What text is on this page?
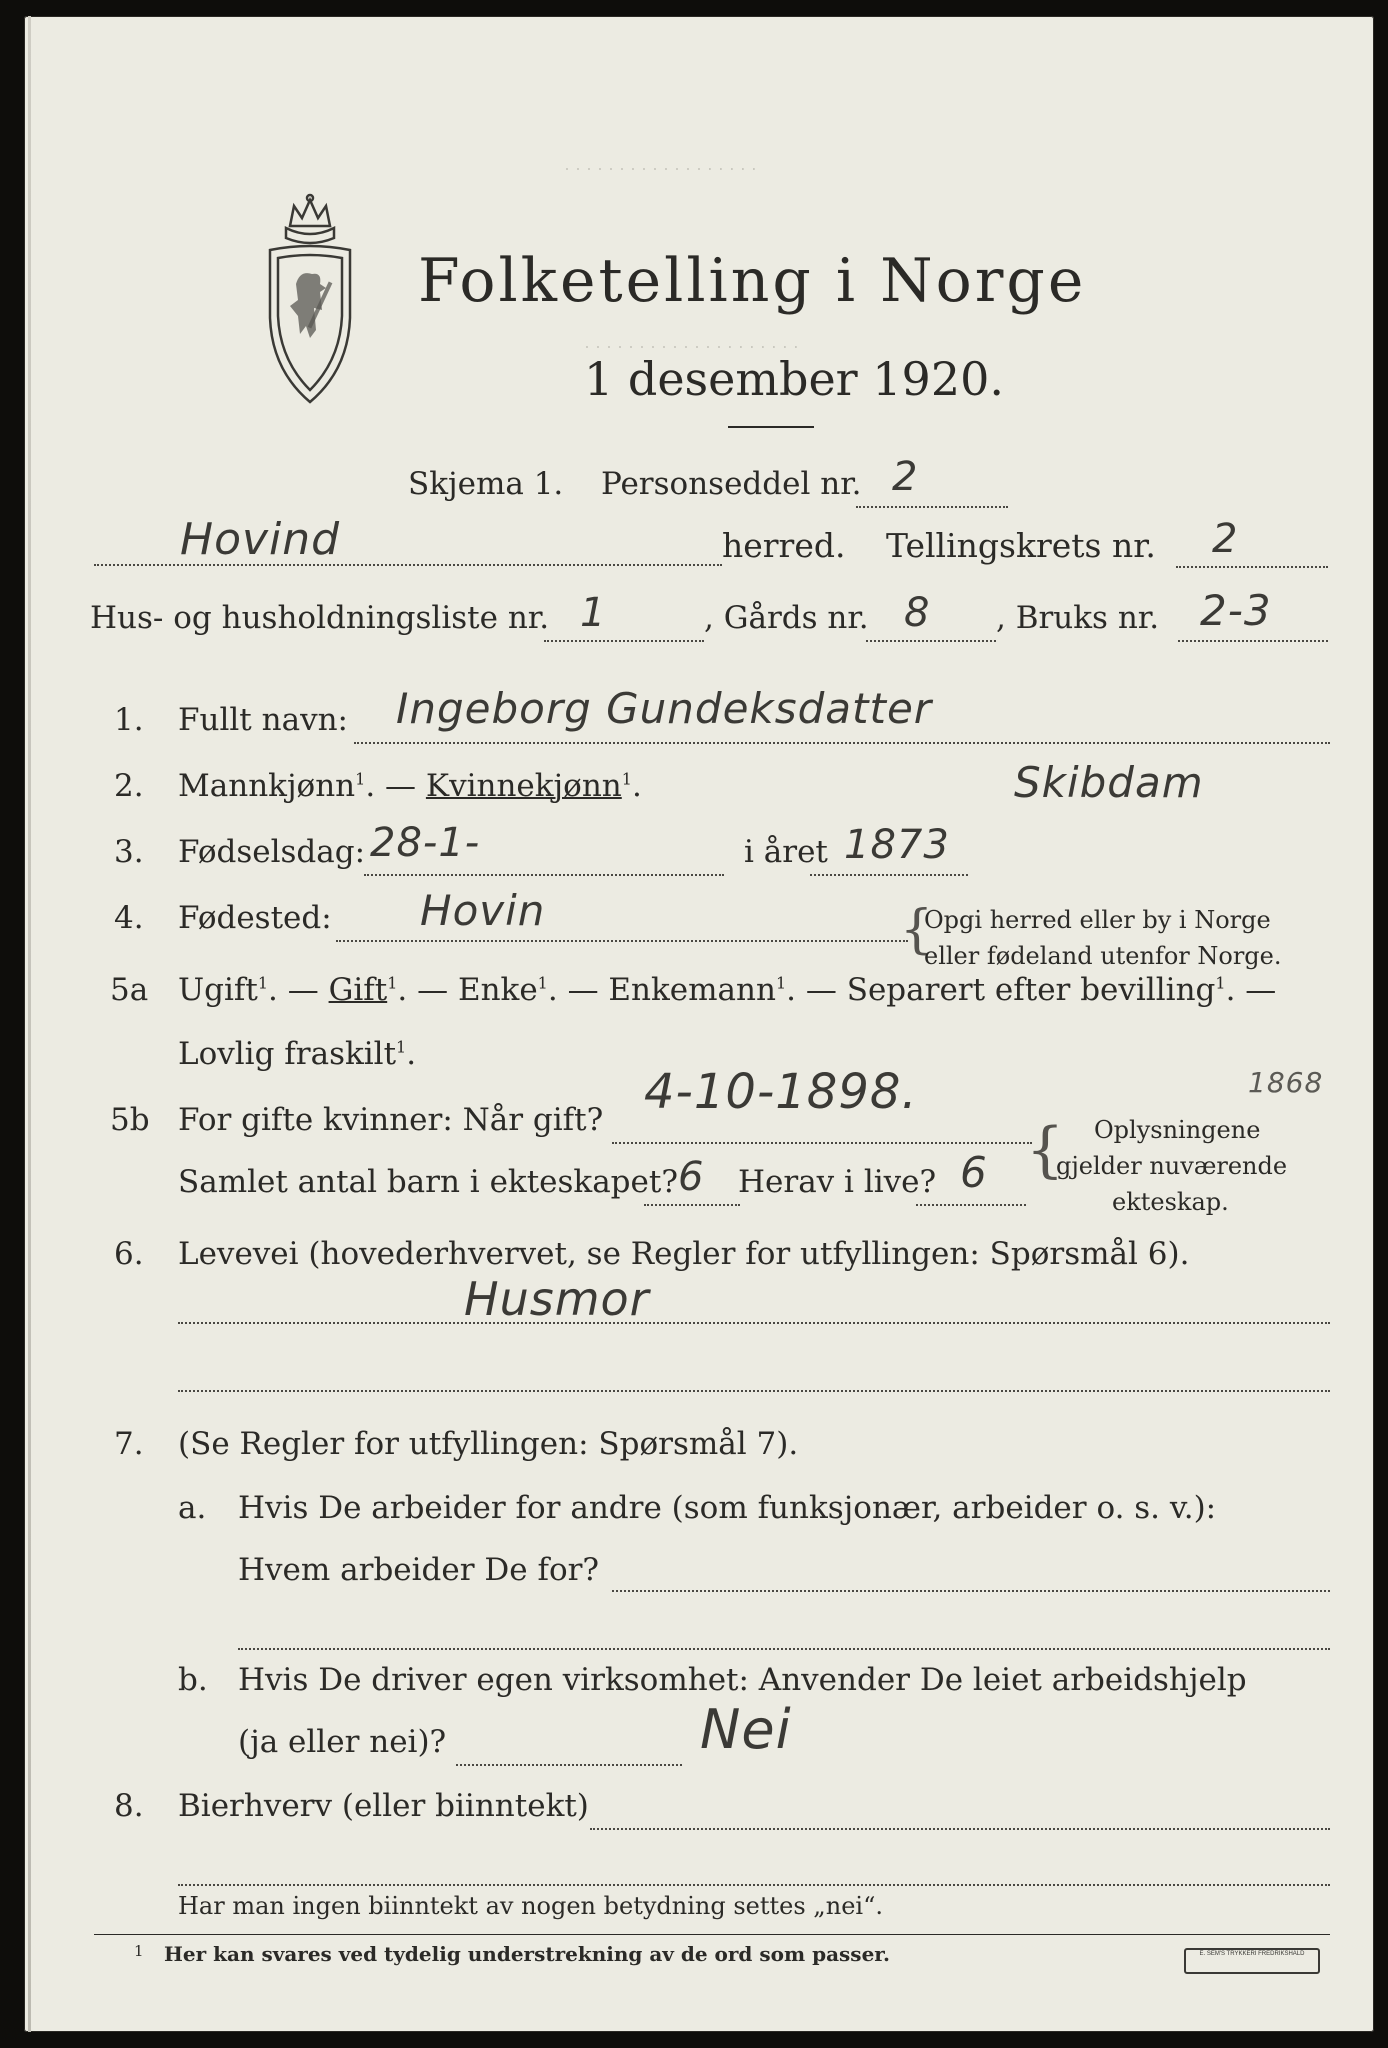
· · · · · · · · · · · · · · · · · ·
· · · · · · · · · · · · · · · · · · · ·
Folketelling i Norge
1 desember 1920.
Skjema 1. Personseddel nr. 2
Hovind	herred. Tellingskrets nr. 2
Hus- og husholdningsliste nr. 1	, Gårds nr. 8 , Bruks nr. 2-3
1. Fullt navn: Ingeborg Gundeksdatter
Skibdam
2. Mannkjønn$^1$. — Kvinnekjønn$^1$.
3. Fødselsdag: 28-1-	i året 1873
4. Fødested: Hovin	{
Opgi herred eller by i Norge
eller fødeland utenfor Norge.
5a Ugift$^1$. — Gift$^1$. — Enke$^1$. — Enkemann$^1$. — Separert efter bevilling$^1$. —
Lovlig fraskilt$^1$.
5b For gifte kvinner: Når gift? 4-10-1898.	1868
Samlet antal barn i ekteskapet? 6 Herav i live? 6 { Oplysningene
gjelder nuværende
ekteskap.
6. Levevei (hovederhvervet, se Regler for utfyllingen: Spørsmål 6).
Husmor
7. (Se Regler for utfyllingen: Spørsmål 7).
a. Hvis De arbeider for andre (som funksjonær, arbeider o. s. v.):
Hvem arbeider De for?
b. Hvis De driver egen virksomhet: Anvender De leiet arbeidshjelp
(ja eller nei)?	Nei
8. Bierhverv (eller biinntekt)
Har man ingen biinntekt av nogen betydning settes „nei“.
1 Her kan svares ved tydelig understrekning av de ord som passer.	E. SEM'S TRYKKERI FREDRIKSHALD
